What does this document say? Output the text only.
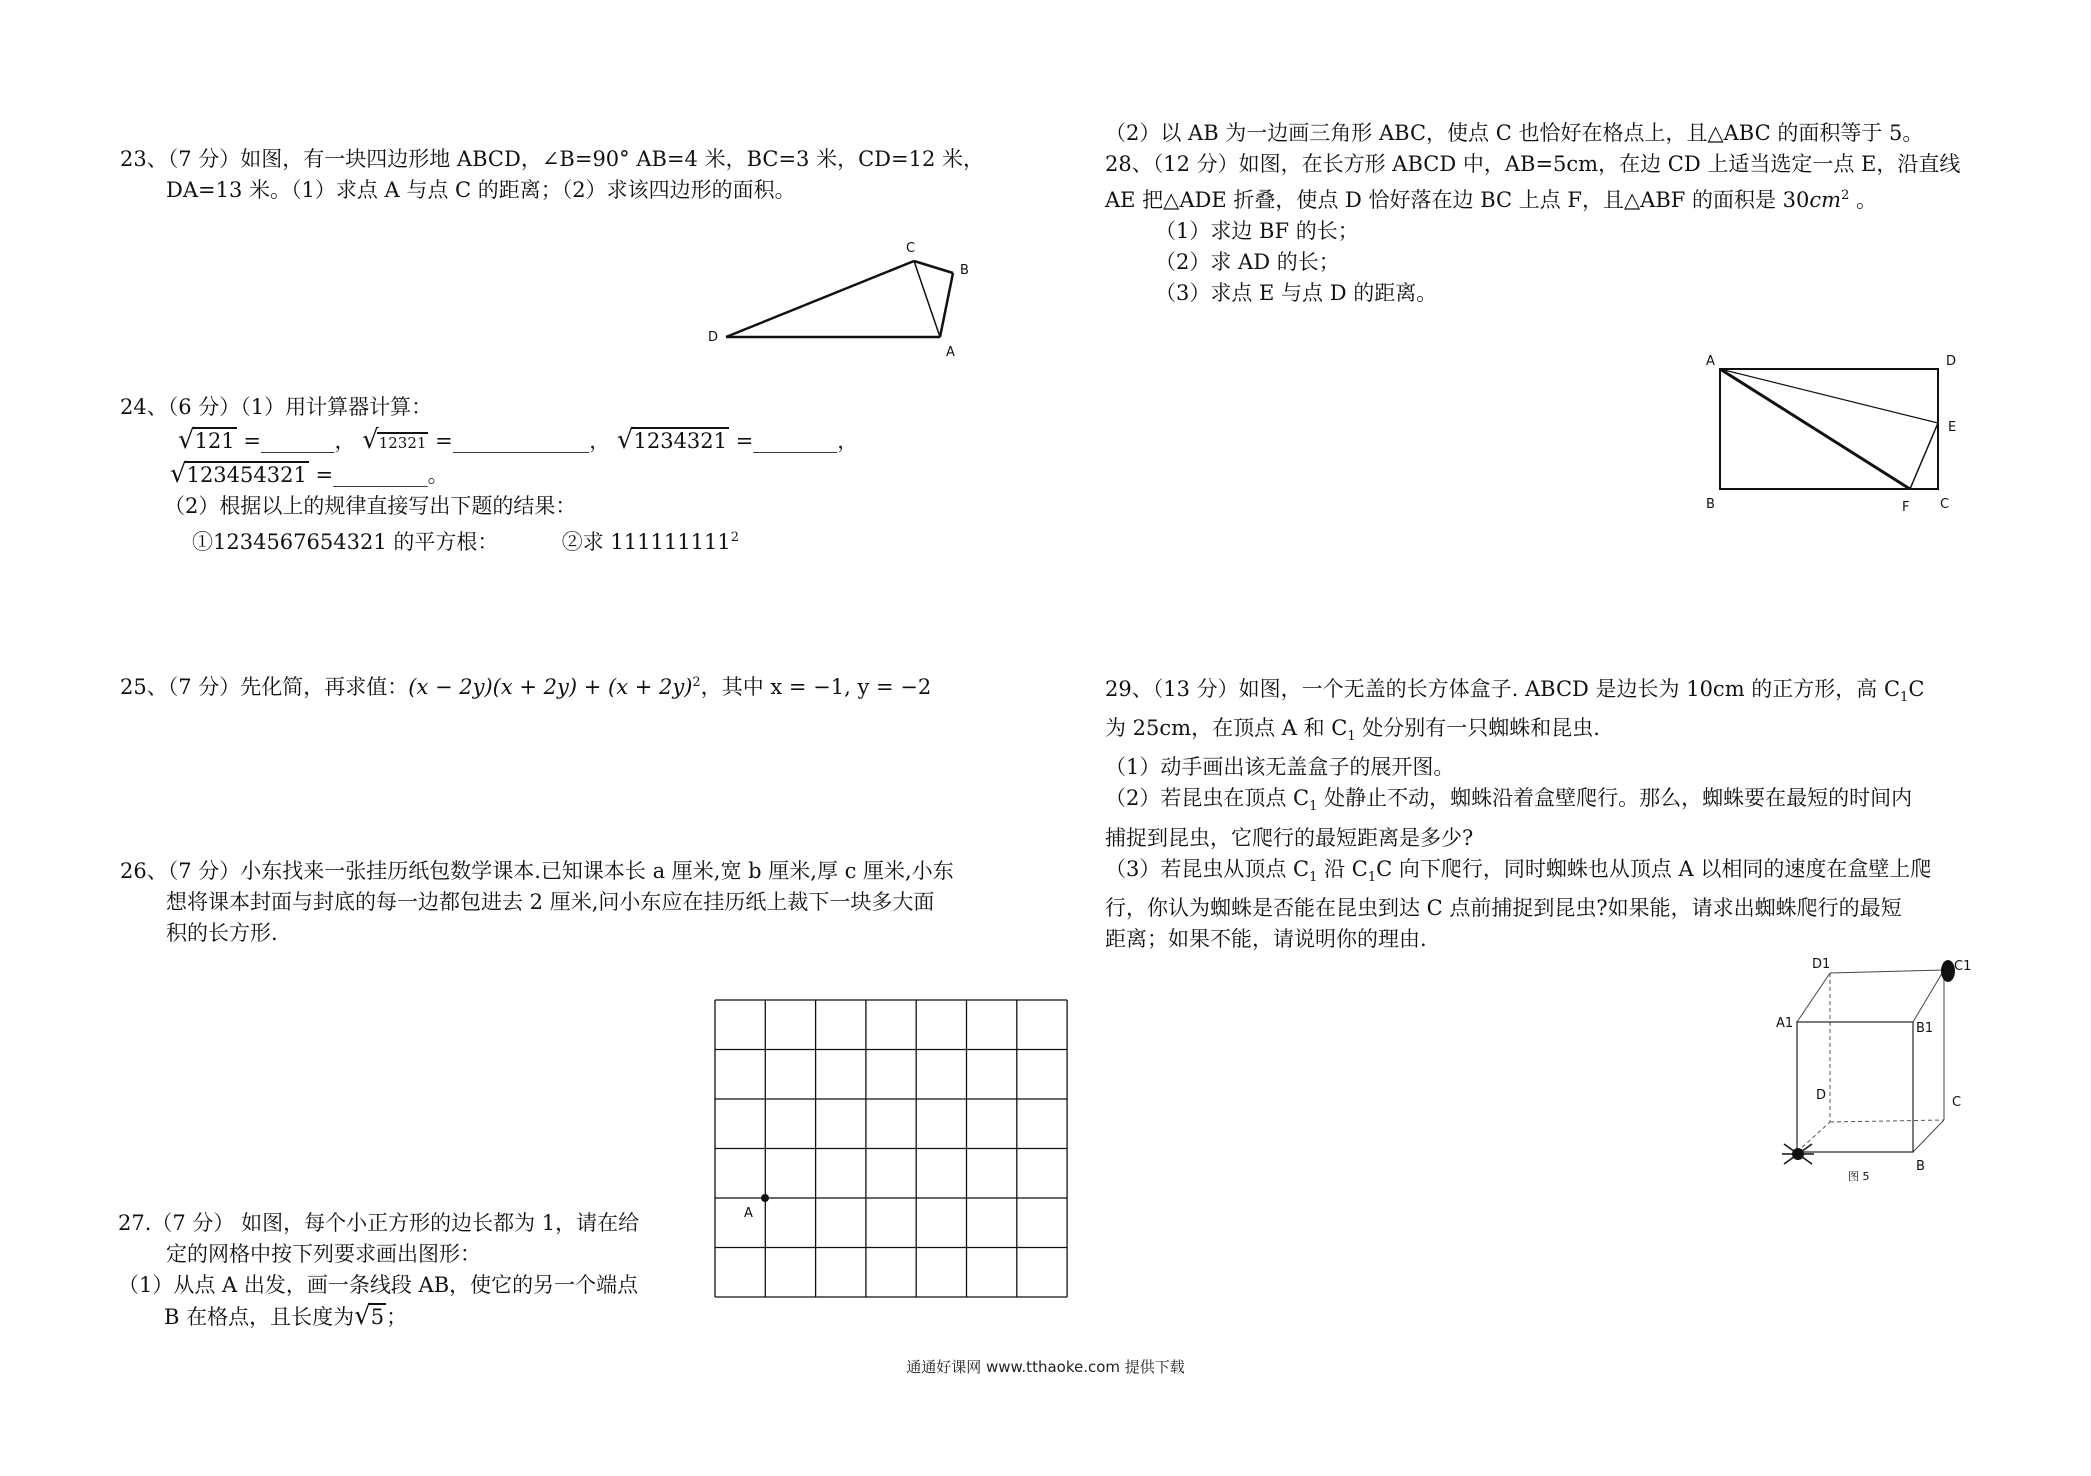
23、（7 分）如图，有一块四边形地 ABCD，∠B=90° AB=4 米，BC=3 米，CD=12 米，
DA=13 米。（1）求点 A 与点 C 的距离；（2）求该四边形的面积。
C
B
D
A
24、（6 分）（1）用计算器计算：
√121 =_______， √12321 =_____________， √1234321 =________，
√123454321 =_________。
（2）根据以上的规律直接写出下题的结果：
①1234567654321 的平方根：	②求 111111111$^2$
25、（7 分）先化简，再求值：$(x - 2y)(x + 2y) + (x + 2y)^2$，其中 x = −1, y = −2
26、（7 分）小东找来一张挂历纸包数学课本.已知课本长 a 厘米,宽 b 厘米,厚 c 厘米,小东
想将课本封面与封底的每一边都包进去 2 厘米,问小东应在挂历纸上裁下一块多大面
积的长方形.
27.（7 分） 如图，每个小正方形的边长都为 1，请在给
定的网格中按下列要求画出图形：
（1）从点 A 出发，画一条线段 AB，使它的另一个端点
B 在格点，且长度为√5；
A
（2）以 AB 为一边画三角形 ABC，使点 C 也恰好在格点上，且△ABC 的面积等于 5。
28、（12 分）如图，在长方形 ABCD 中，AB=5cm，在边 CD 上适当选定一点 E，沿直线
AE 把△ADE 折叠，使点 D 恰好落在边 BC 上点 F，且△ABF 的面积是 $30cm^2$ 。
（1）求边 BF 的长；
（2）求 AD 的长；
（3）求点 E 与点 D 的距离。
A	D
E
B	F C
29、（13 分）如图，一个无盖的长方体盒子. ABCD 是边长为 10cm 的正方形，高 $C_1C$
为 25cm，在顶点 A 和 $C_1$ 处分别有一只蜘蛛和昆虫.
（1）动手画出该无盖盒子的展开图。
（2）若昆虫在顶点 $C_1$ 处静止不动，蜘蛛沿着盒壁爬行。那么，蜘蛛要在最短的时间内
捕捉到昆虫，它爬行的最短距离是多少?
（3）若昆虫从顶点 $C_1$ 沿 $C_1C$ 向下爬行，同时蜘蛛也从顶点 A 以相同的速度在盒壁上爬
行，你认为蜘蛛是否能在昆虫到达 C 点前捕捉到昆虫?如果能，请求出蜘蛛爬行的最短
距离；如果不能，请说明你的理由.
D1	C1
A1	B1
D	C
B
图 5
通通好课网 www.tthaoke.com 提供下载
